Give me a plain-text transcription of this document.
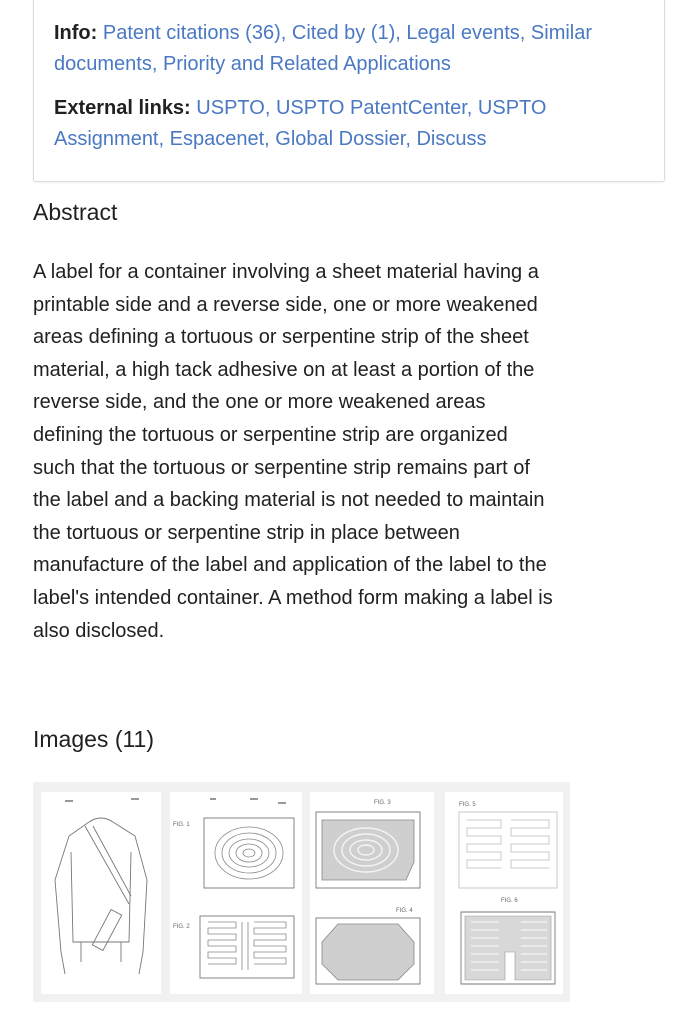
Info: Patent citations (36), Cited by (1), Legal events, Similar documents, Priority and Related Applications

External links: USPTO, USPTO PatentCenter, USPTO Assignment, Espacenet, Global Dossier, Discuss

Abstract

A label for a container involving a sheet material having a printable side and a reverse side, one or more weakened areas defining a tortuous or serpentine strip of the sheet material, a high tack adhesive on at least a portion of the reverse side, and the one or more weakened areas defining the tortuous or serpentine strip are organized such that the tortuous or serpentine strip remains part of the label and a backing material is not needed to maintain the tortuous or serpentine strip in place between manufacture of the label and application of the label to the label's intended container. A method form making a label is also disclosed.

Images (11)
FIG. 1
FIG. 2
FIG. 3
FIG. 4
FIG. 5
FIG. 6
